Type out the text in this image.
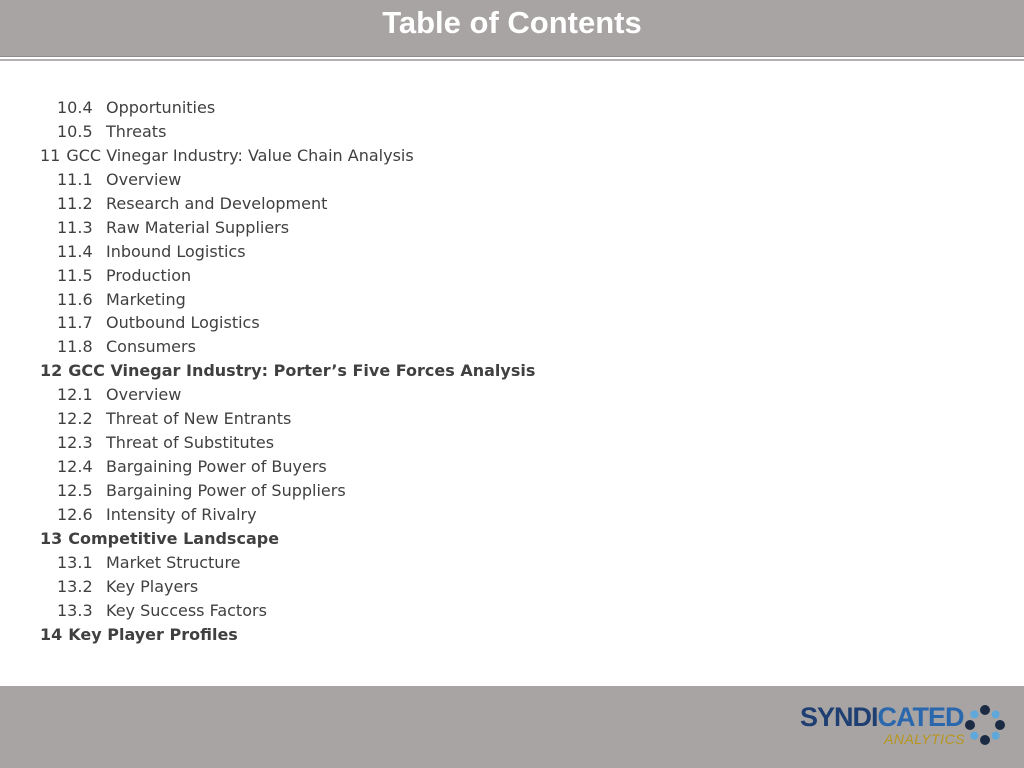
Table of Contents
10.4 Opportunities
10.5 Threats
11 GCC Vinegar Industry: Value Chain Analysis
11.1 Overview
11.2 Research and Development
11.3 Raw Material Suppliers
11.4 Inbound Logistics
11.5 Production
11.6 Marketing
11.7 Outbound Logistics
11.8 Consumers
12 GCC Vinegar Industry: Porter’s Five Forces Analysis
12.1 Overview
12.2 Threat of New Entrants
12.3 Threat of Substitutes
12.4 Bargaining Power of Buyers
12.5 Bargaining Power of Suppliers
12.6 Intensity of Rivalry
13 Competitive Landscape
13.1 Market Structure
13.2 Key Players
13.3 Key Success Factors
14 Key Player Profiles
SYNDICATED
ANALYTICS
